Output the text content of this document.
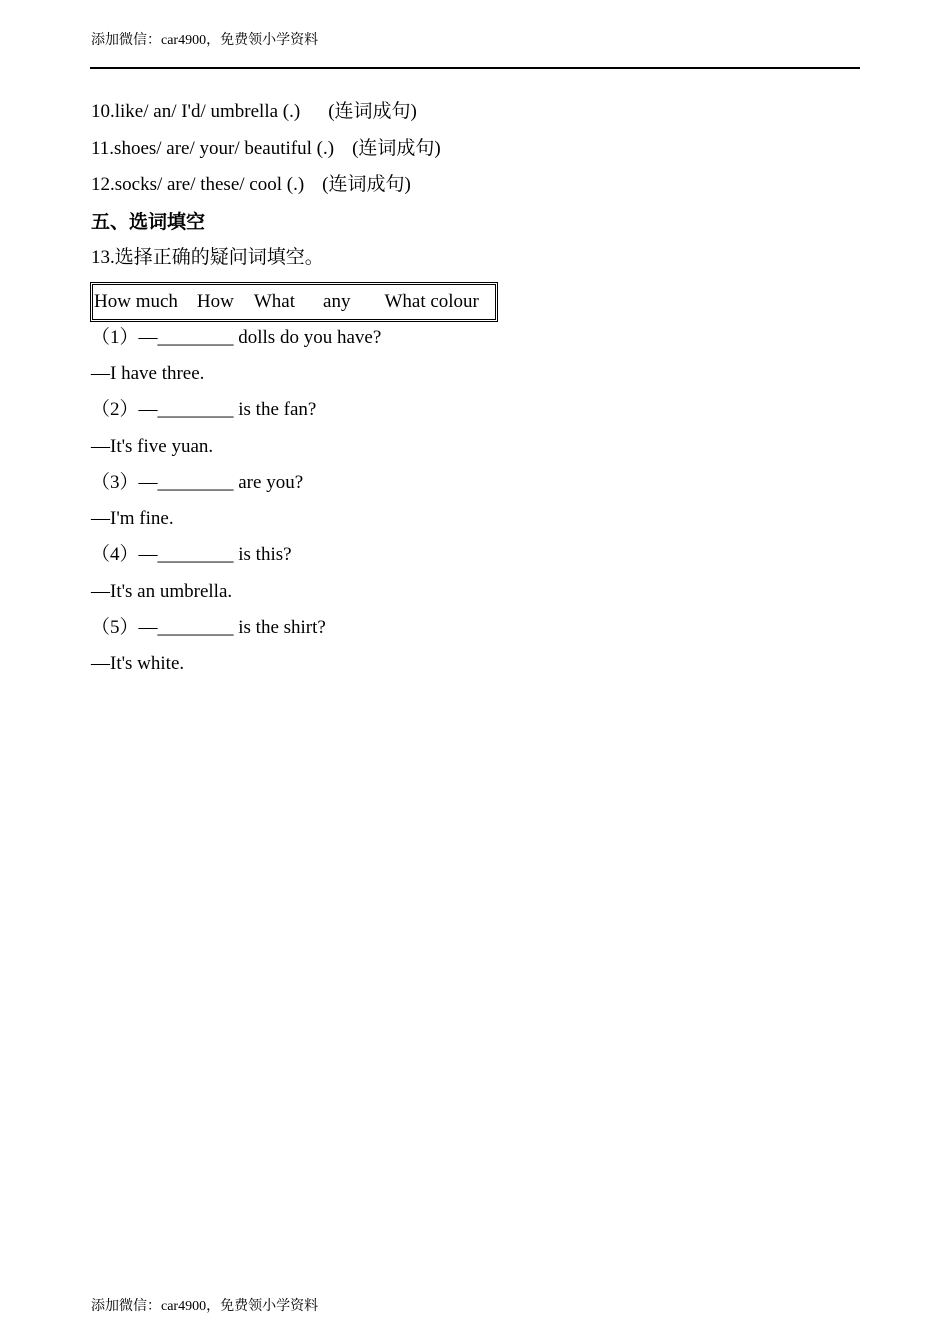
添加微信：car4900，免费领小学资料
10.like/ an/ I'd/ umbrella (.) (连词成句)
11.shoes/ are/ your/ beautiful (.) (连词成句)
12.socks/ are/ these/ cool (.) (连词成句)
五、选词填空
13.选择正确的疑问词填空。
How much How What any What colour
（1）—________ dolls do you have?
—I have three.
（2）—________ is the fan?
—It's five yuan.
（3）—________ are you?
—I'm fine.
（4）—________ is this?
—It's an umbrella.
（5）—________ is the shirt?
—It's white.
添加微信：car4900，免费领小学资料
